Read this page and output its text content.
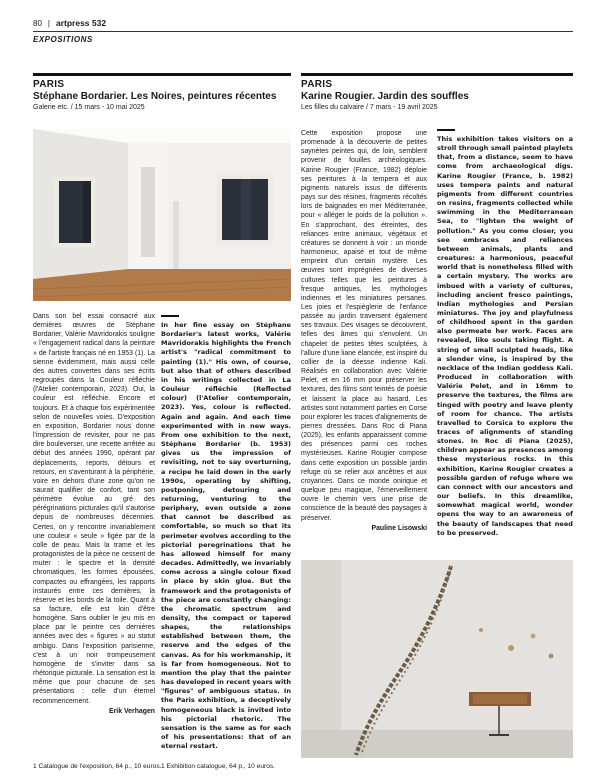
80 | artpress 532
EXPOSITIONS
PARIS
Stéphane Bordarier. Les Noires, peintures récentes
Galerie etc. / 15 mars - 10 mai 2025
PARIS
Karine Rougier. Jardin des souffles
Les filles du calvaire / 7 mars - 19 avril 2025

Dans son bel essai consacré aux dernières œuvres de Stéphane Bordarier, Valérie Mavridorakis souligne « l'engagement radical dans la peinture » de l'artiste français né en 1953 (1). La sienne évidemment, mais aussi celle des autres convertes dans ses écrits regroupés dans la Couleur réfléchie (l'Atelier contemporain, 2023). Oui, la couleur est réfléchie. Encore et toujours. Et à chaque fois expérimentée selon de nouvelles voies. D'exposition en exposition, Bordarier nous donne l'impression de revisiter, pour ne pas dire bouleverser, une recette arrêtée au début des années 1990, opérant par déplacements, reports, détours et retours, en s'aventurant à la périphérie, voire en dehors d'une zone qu'on ne saurait qualifier de confort, tant son périmètre évolue au gré des pérégrinations picturales qu'il s'autorise depuis de nombreuses décennies. Certes, on y rencontre invariablement une couleur « seule » figée par de la colle de peau. Mais la trame et les protagonistes de la pièce ne cessent de muter : le spectre et la densité chromatiques, les formes épousées, compactes ou effrangées, les rapports instaurés entre ces dernières, la réserve et les bords de la toile. Quant à sa facture, elle est loin d'être homogène. Sans oublier le jeu mis en place par le peintre ces dernières années avec des « figures » au statut ambigu. Dans l'exposition parisienne, c'est à un noir trompeusement homogène de s'inviter dans sa rhétorique picturale. La sensation est la même que pour chacune de ses présentations : celle d'un éternel recommencement.

Erik Verhagen

In her fine essay on Stéphane Bordarier's latest works, Valérie Mavridorakis highlights the French artist's "radical commitment to painting (1)." His own, of course, but also that of others described in his writings collected in La Couleur réfléchie (Reflected colour) (l'Atelier contemporain, 2023). Yes, colour is reflected. Again and again. And each time experimented with in new ways. From one exhibition to the next, Stéphane Bordarier (b. 1953) gives us the impression of revisiting, not to say overturning, a recipe he laid down in the early 1990s, operating by shifting, postponing, detouring and returning, venturing to the periphery, even outside a zone that cannot be described as comfortable, so much so that its perimeter evolves according to the pictorial peregrinations that he has allowed himself for many decades. Admittedly, we invariably come across a single colour fixed in place by skin glue. But the framework and the protagonists of the piece are constantly changing: the chromatic spectrum and density, the compact or tapered shapes, the relationships established between them, the reserve and the edges of the canvas. As for his workmanship, it is far from homogeneous. Not to mention the play that the painter has developed in recent years with "figures" of ambiguous status. In the Paris exhibition, a deceptively homogeneous black is invited into his pictorial rhetoric. The sensation is the same as for each of his presentations: that of an eternal restart.

Cette exposition propose une promenade à la découverte de petites saynètes peintes qui, de loin, semblent provenir de fouilles archéologiques. Karine Rougier (France, 1982) déploie ses peintures à la tempera et aux pigments naturels issus de différents pays sur des résines, fragments récoltés lors de baignades en mer Méditerranée, pour « alléger le poids de la pollution ». En s'approchant, des étreintes, des reliances entre animaux, végétaux et créatures se donnent à voir : un monde harmonieux, apaisé et tout de même empreint d'un certain mystère. Les œuvres sont imprégnées de diverses cultures telles que les peintures à fresque antiques, les mythologies indiennes et les miniatures persanes. Les joies et l'espièglerie de l'enfance passée au jardin traversent également ses travaux. Des visages se découvrent, telles des âmes qui s'envolent. Un chapelet de petites têtes sculptées, à l'allure d'une liane élancée, est inspiré du collier de la déesse indienne Kali. Réalisés en collaboration avec Valérie Pelet, et en 16 mm pour préserver les textures, des films sont teintés de poésie et laissent la place au hasard. Les artistes sont notamment parties en Corse pour explorer les traces d'alignements de pierres dressées. Dans Roc di Piana (2025), les enfants apparaissent comme des présences parmi ces roches mystérieuses. Karine Rougier compose dans cette exposition un possible jardin refuge où se relier aux ancêtres et aux croyances. Dans ce monde onirique et quelque peu magique, l'émerveillement ouvre le chemin vers une prise de conscience de la beauté des paysages à préserver.

Pauline Lisowski

This exhibition takes visitors on a stroll through small painted playlets that, from a distance, seem to have come from archaeological digs. Karine Rougier (France, b. 1982) uses tempera paints and natural pigments from different countries on resins, fragments collected while swimming in the Mediterranean Sea, to "lighten the weight of pollution." As you come closer, you see embraces and reliances between animals, plants and creatures: a harmonious, peaceful world that is nonetheless filled with a certain mystery. The works are imbued with a variety of cultures, including ancient fresco paintings, Indian mythologies and Persian miniatures. The joy and playfulness of childhood spent in the garden also permeate her work. Faces are revealed, like souls taking flight. A string of small sculpted heads, like a slender vine, is inspired by the necklace of the Indian goddess Kali. Produced in collaboration with Valérie Pelet, and in 16mm to preserve the textures, the films are tinged with poetry and leave plenty of room for chance. The artists travelled to Corsica to explore the traces of alignments of standing stones. In Roc di Piana (2025), children appear as presences among these mysterious rocks. In this exhibition, Karine Rougier creates a possible garden of refuge where we can connect with our ancestors and our beliefs. In this dreamlike, somewhat magical world, wonder opens the way to an awareness of the beauty of landscapes that need to be preserved.

1 Catalogue de l'exposition, 64 p., 10 euros. 1 Exhibition catalogue, 64 p., 10 euros.
